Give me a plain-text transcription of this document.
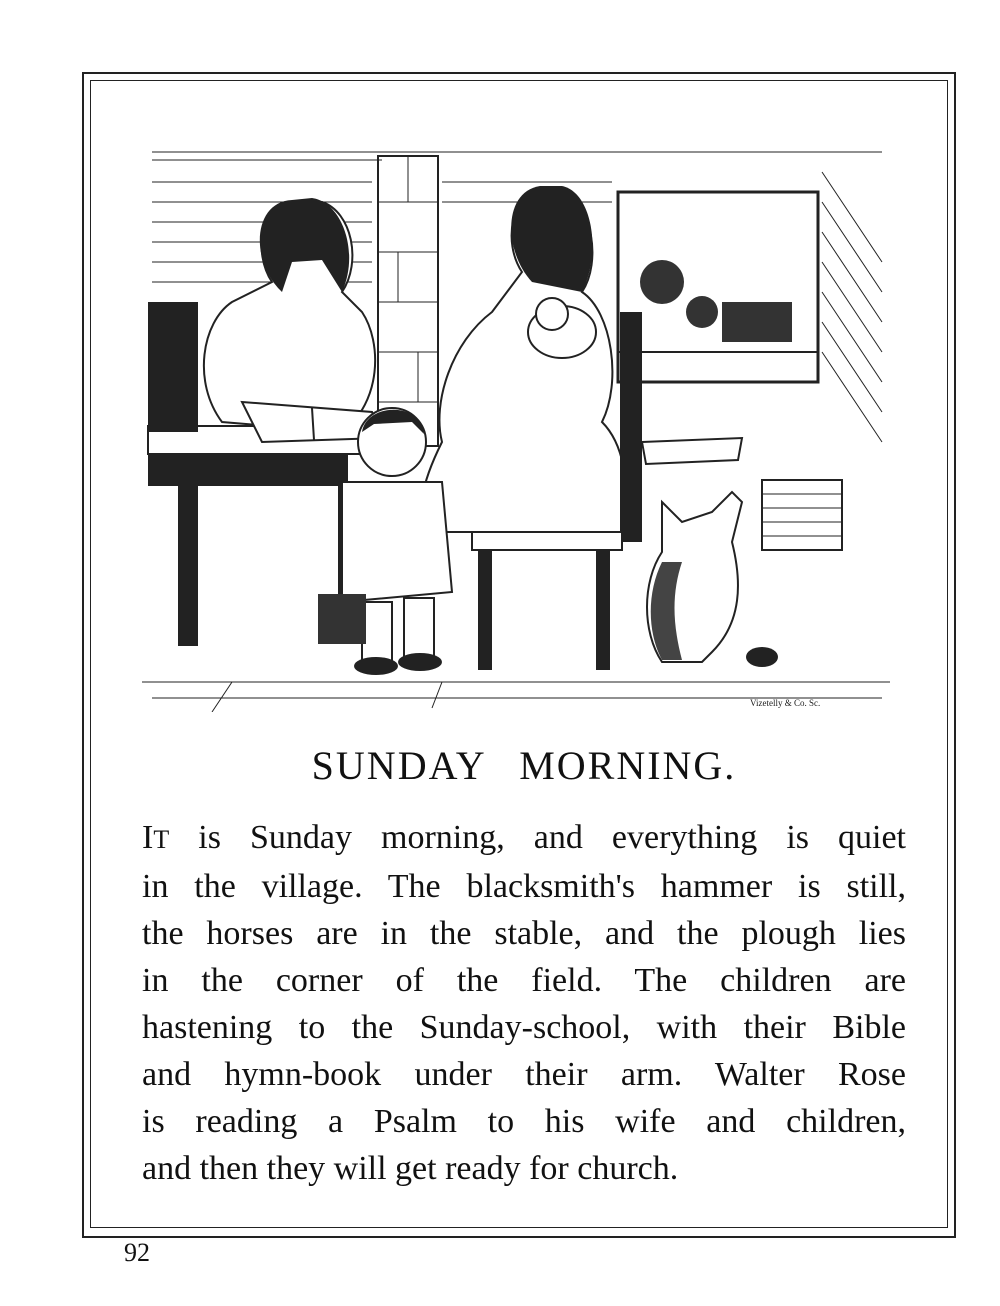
Vizetelly & Co. Sc.
SUNDAY MORNING.
IT is Sunday morning, and everything is quiet
in the village. The blacksmith's hammer is still,
the horses are in the stable, and the plough lies
in the corner of the field. The children are
hastening to the Sunday-school, with their Bible
and hymn-book under their arm. Walter Rose
is reading a Psalm to his wife and children,
and then they will get ready for church.
92
